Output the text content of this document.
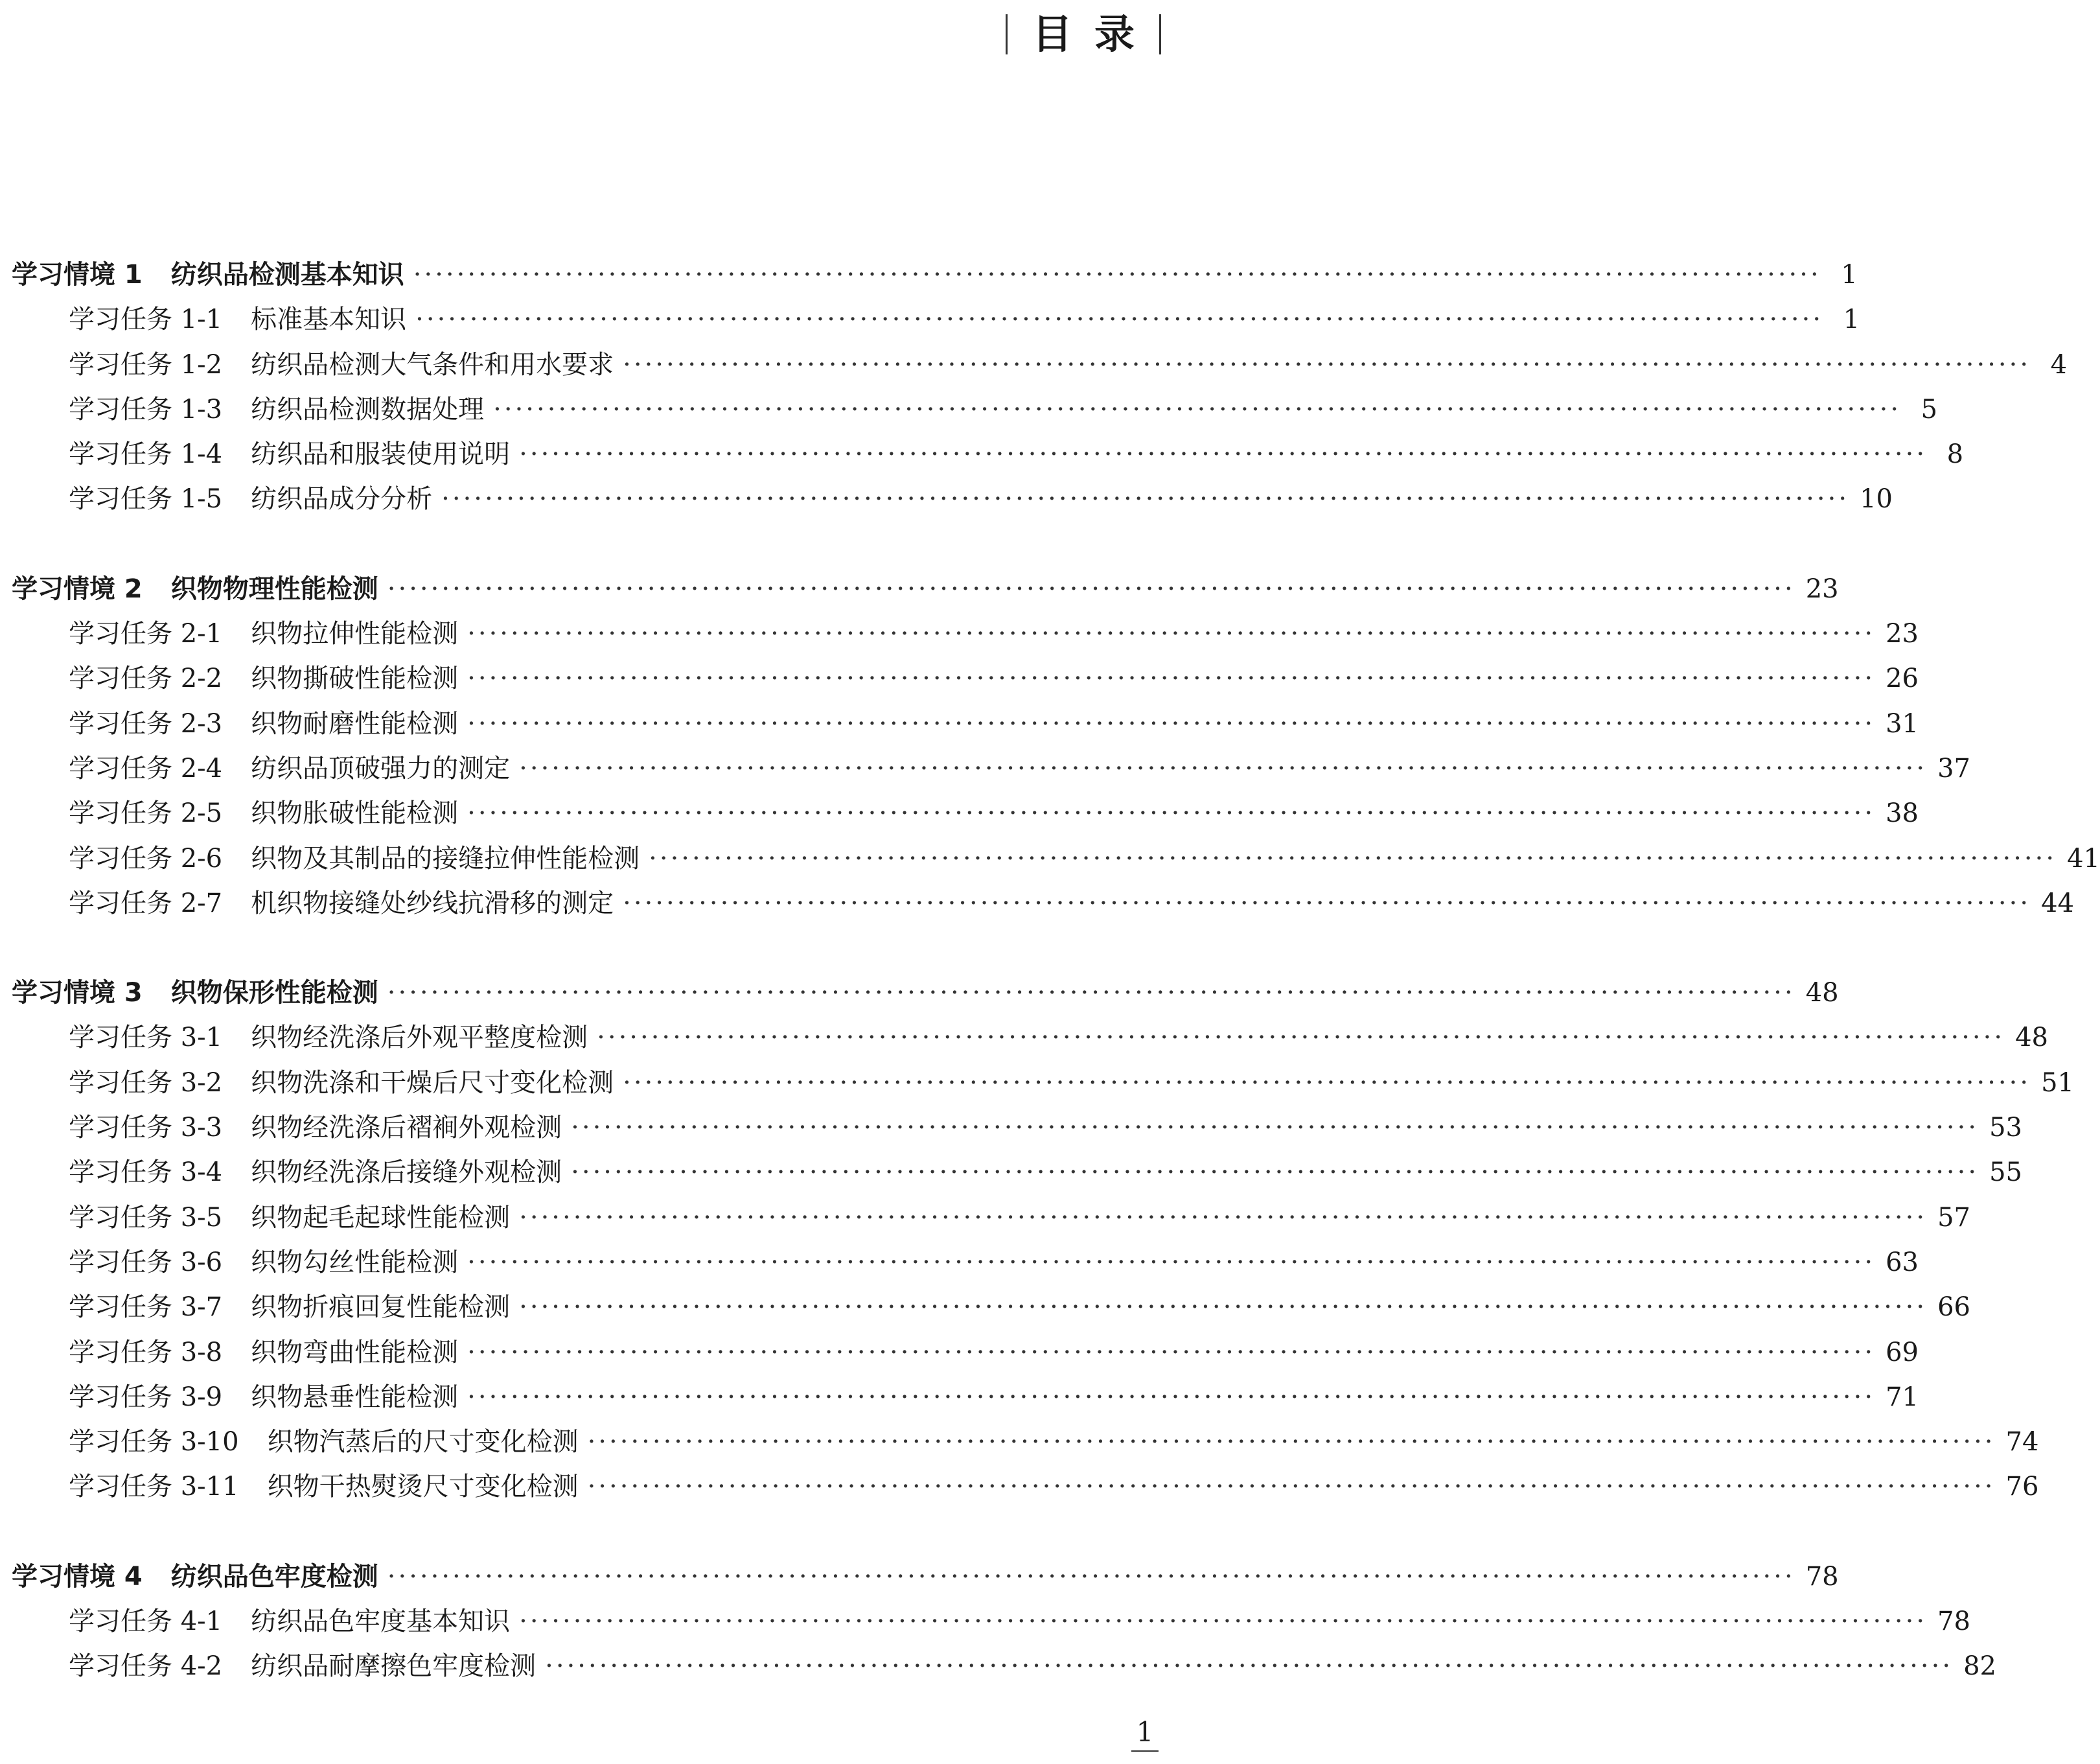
目录
学习情境 1 纺织品检测基本知识 ·································································································································· 1
学习任务 1-1 标准基本知识 ·································································································································· 1
学习任务 1-2 纺织品检测大气条件和用水要求 ·································································································································· 4
学习任务 1-3 纺织品检测数据处理 ·································································································································· 5
学习任务 1-4 纺织品和服装使用说明 ·································································································································· 8
学习任务 1-5 纺织品成分分析 ·································································································································· 10
学习情境 2 织物物理性能检测 ·································································································································· 23
学习任务 2-1 织物拉伸性能检测 ·································································································································· 23
学习任务 2-2 织物撕破性能检测 ·································································································································· 26
学习任务 2-3 织物耐磨性能检测 ·································································································································· 31
学习任务 2-4 纺织品顶破强力的测定 ·································································································································· 37
学习任务 2-5 织物胀破性能检测 ·································································································································· 38
学习任务 2-6 织物及其制品的接缝拉伸性能检测 ·································································································································· 41
学习任务 2-7 机织物接缝处纱线抗滑移的测定 ·································································································································· 44
学习情境 3 织物保形性能检测 ·································································································································· 48
学习任务 3-1 织物经洗涤后外观平整度检测 ·································································································································· 48
学习任务 3-2 织物洗涤和干燥后尺寸变化检测 ·································································································································· 51
学习任务 3-3 织物经洗涤后褶裥外观检测 ·································································································································· 53
学习任务 3-4 织物经洗涤后接缝外观检测 ·································································································································· 55
学习任务 3-5 织物起毛起球性能检测 ·································································································································· 57
学习任务 3-6 织物勾丝性能检测 ·································································································································· 63
学习任务 3-7 织物折痕回复性能检测 ·································································································································· 66
学习任务 3-8 织物弯曲性能检测 ·································································································································· 69
学习任务 3-9 织物悬垂性能检测 ·································································································································· 71
学习任务 3-10 织物汽蒸后的尺寸变化检测 ·································································································································· 74
学习任务 3-11 织物干热熨烫尺寸变化检测 ·································································································································· 76
学习情境 4 纺织品色牢度检测 ·································································································································· 78
学习任务 4-1 纺织品色牢度基本知识 ·································································································································· 78
学习任务 4-2 纺织品耐摩擦色牢度检测 ·································································································································· 82
1
